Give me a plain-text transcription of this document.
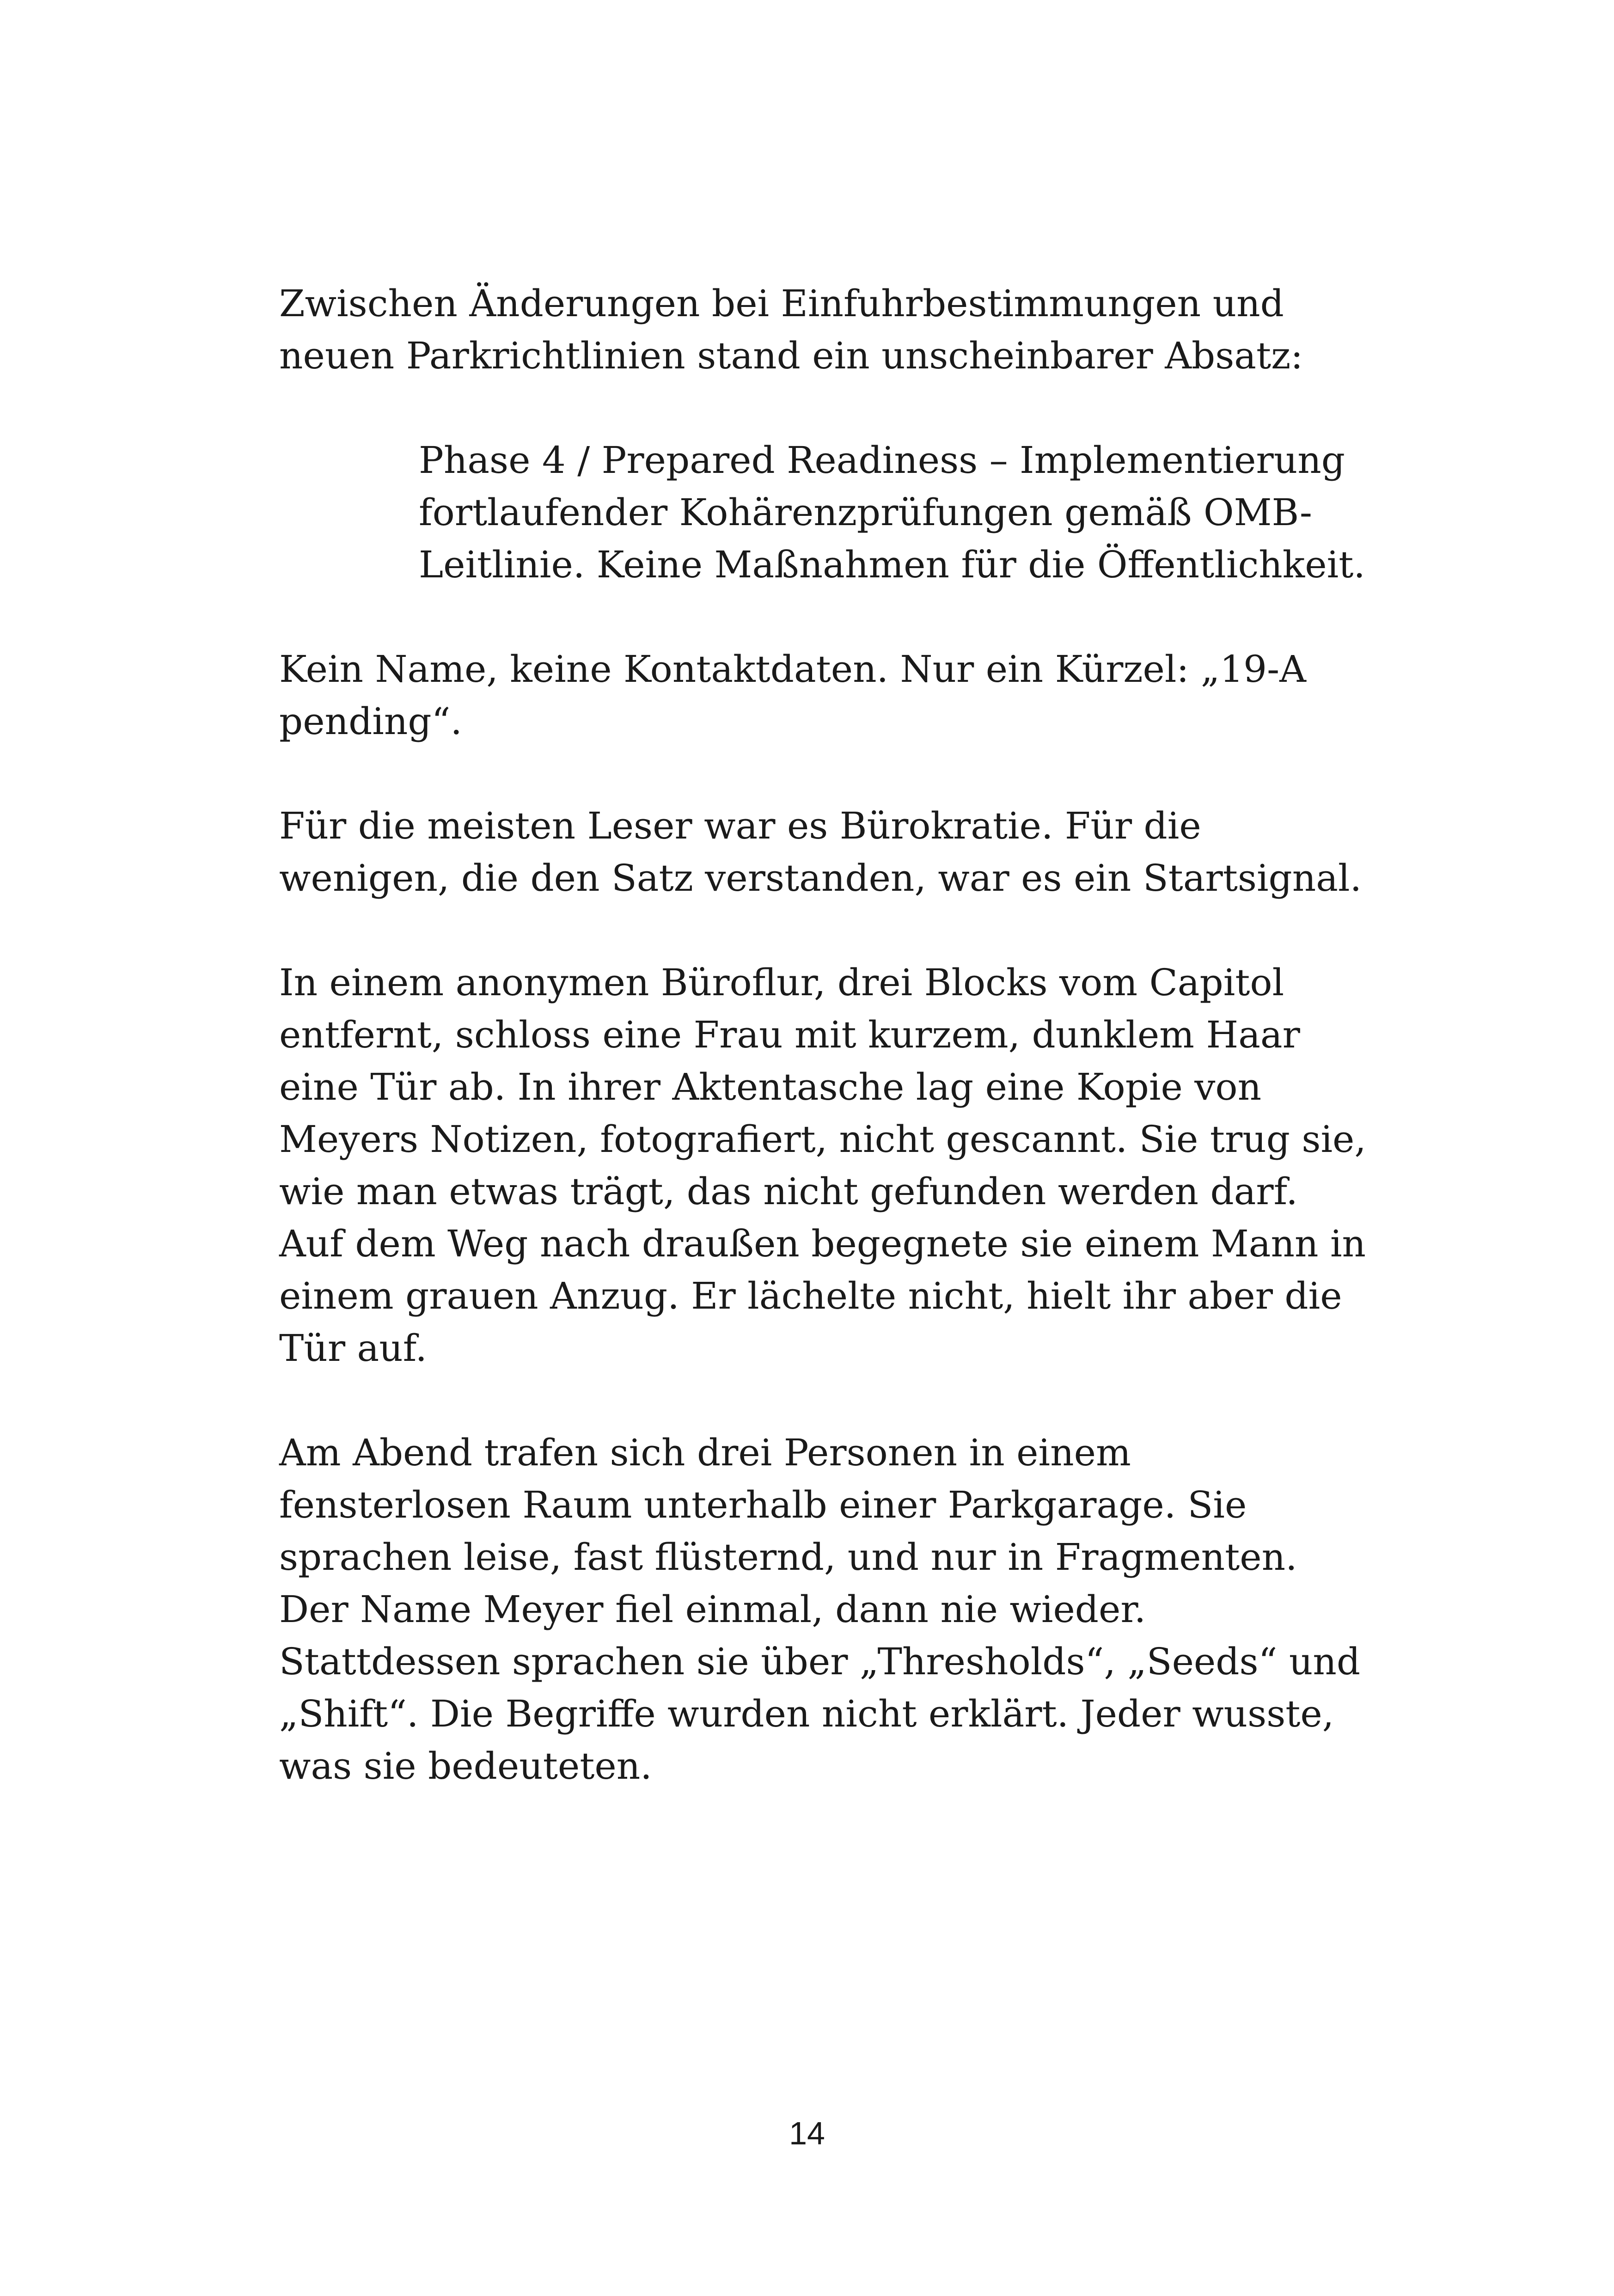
Zwischen Änderungen bei Einfuhrbestimmungen und neuen Parkrichtlinien stand ein unscheinbarer Absatz:

Phase 4 / Prepared Readiness – Implementierung fortlaufender Kohärenzprüfungen gemäß OMB-Leitlinie. Keine Maßnahmen für die Öffentlichkeit.

Kein Name, keine Kontaktdaten. Nur ein Kürzel: „19-A pending“.

Für die meisten Leser war es Bürokratie. Für die wenigen, die den Satz verstanden, war es ein Startsignal.

In einem anonymen Büroflur, drei Blocks vom Capitol entfernt, schloss eine Frau mit kurzem, dunklem Haar eine Tür ab. In ihrer Aktentasche lag eine Kopie von Meyers Notizen, fotografiert, nicht gescannt. Sie trug sie, wie man etwas trägt, das nicht gefunden werden darf. Auf dem Weg nach draußen begegnete sie einem Mann in einem grauen Anzug. Er lächelte nicht, hielt ihr aber die Tür auf.

Am Abend trafen sich drei Personen in einem fensterlosen Raum unterhalb einer Parkgarage. Sie sprachen leise, fast flüsternd, und nur in Fragmenten. Der Name Meyer fiel einmal, dann nie wieder. Stattdessen sprachen sie über „Thresholds“, „Seeds“ und „Shift“. Die Begriffe wurden nicht erklärt. Jeder wusste, was sie bedeuteten.

14
